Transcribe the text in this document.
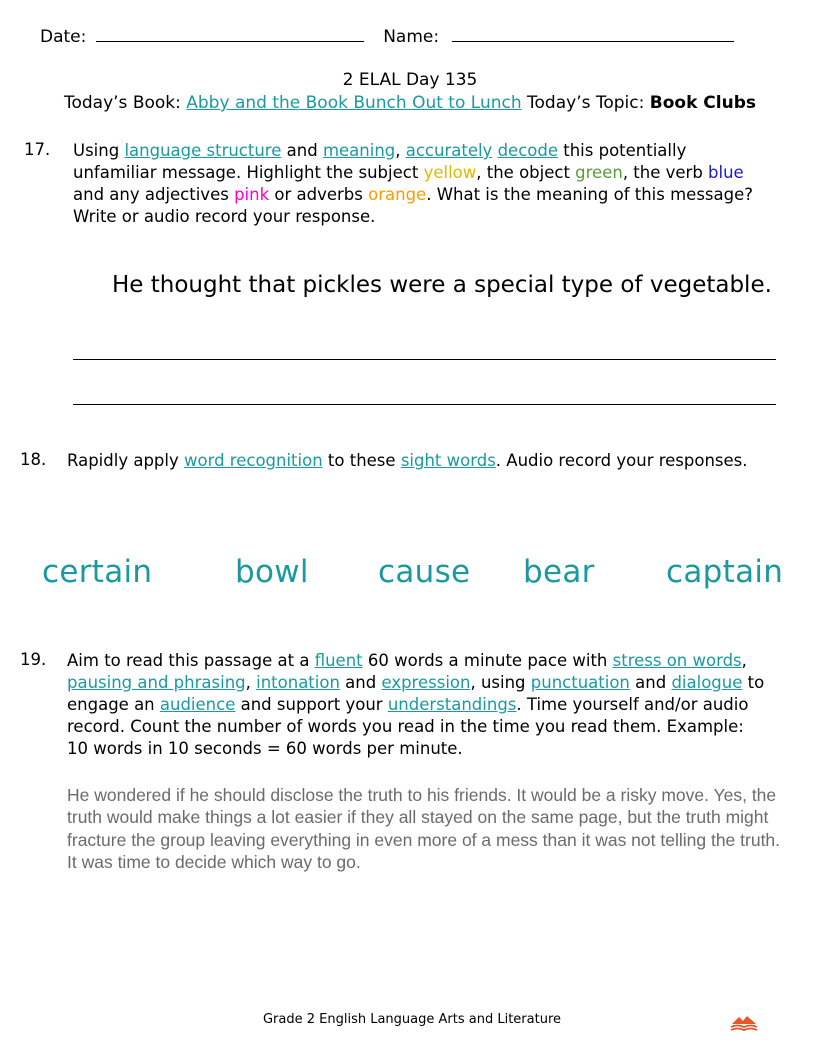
Date:	Name:
2 ELAL Day 135
Today’s Book: Abby and the Book Bunch Out to Lunch Today’s Topic: Book Clubs
17. Using language structure and meaning, accurately decode this potentially

unfamiliar message. Highlight the subject yellow, the object green, the verb blue

and any adjectives pink or adverbs orange. What is the meaning of this message?

Write or audio record your response.

He thought that pickles were a special type of vegetable.
18. Rapidly apply word recognition to these sight words. Audio record your responses.
certain	bowl cause bear captain
19. Aim to read this passage at a fluent 60 words a minute pace with stress on words,

pausing and phrasing, intonation and expression, using punctuation and dialogue to

engage an audience and support your understandings. Time yourself and/or audio

record. Count the number of words you read in the time you read them. Example:

10 words in 10 seconds = 60 words per minute.

He wondered if he should disclose the truth to his friends. It would be a risky move. Yes, the truth would make things a lot easier if they all stayed on the same page, but the truth might fracture the group leaving everything in even more of a mess than it was not telling the truth. It was time to decide which way to go.
Grade 2 English Language Arts and Literature
